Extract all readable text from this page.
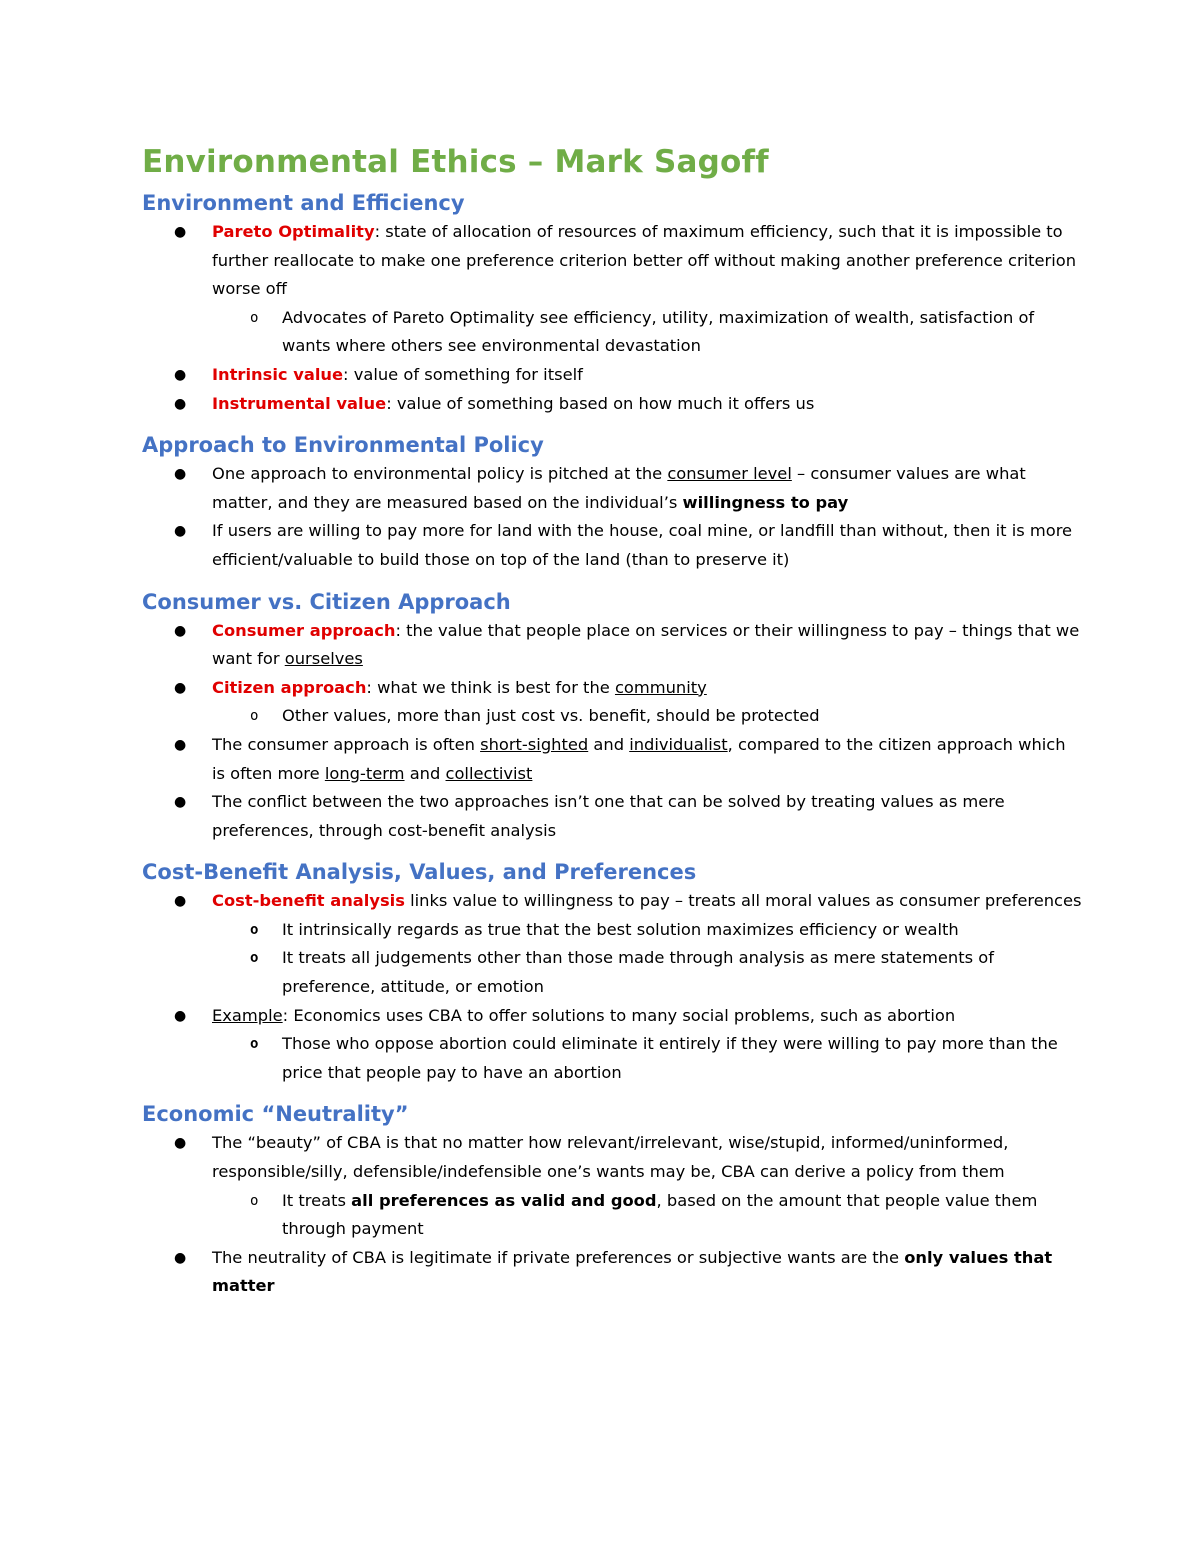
Environmental Ethics – Mark Sagoff
Environment and Efficiency
● Pareto Optimality: state of allocation of resources of maximum efficiency, such that it is impossible to further reallocate to make one preference criterion better off without making another preference criterion worse off
o Advocates of Pareto Optimality see efficiency, utility, maximization of wealth, satisfaction of wants where others see environmental devastation
● Intrinsic value: value of something for itself
● Instrumental value: value of something based on how much it offers us
Approach to Environmental Policy
● One approach to environmental policy is pitched at the consumer level – consumer values are what matter, and they are measured based on the individual’s willingness to pay
● If users are willing to pay more for land with the house, coal mine, or landfill than without, then it is more efficient/valuable to build those on top of the land (than to preserve it)
Consumer vs. Citizen Approach
● Consumer approach: the value that people place on services or their willingness to pay – things that we want for ourselves
● Citizen approach: what we think is best for the community
o Other values, more than just cost vs. benefit, should be protected
● The consumer approach is often short-sighted and individualist, compared to the citizen approach which is often more long-term and collectivist
● The conflict between the two approaches isn’t one that can be solved by treating values as mere preferences, through cost-benefit analysis
Cost-Benefit Analysis, Values, and Preferences
● Cost-benefit analysis links value to willingness to pay – treats all moral values as consumer preferences
o It intrinsically regards as true that the best solution maximizes efficiency or wealth
o It treats all judgements other than those made through analysis as mere statements of preference, attitude, or emotion
● Example: Economics uses CBA to offer solutions to many social problems, such as abortion
o Those who oppose abortion could eliminate it entirely if they were willing to pay more than the price that people pay to have an abortion
Economic “Neutrality”
● The “beauty” of CBA is that no matter how relevant/irrelevant, wise/stupid, informed/uninformed, responsible/silly, defensible/indefensible one’s wants may be, CBA can derive a policy from them
o It treats all preferences as valid and good, based on the amount that people value them through payment
● The neutrality of CBA is legitimate if private preferences or subjective wants are the only values that matter
